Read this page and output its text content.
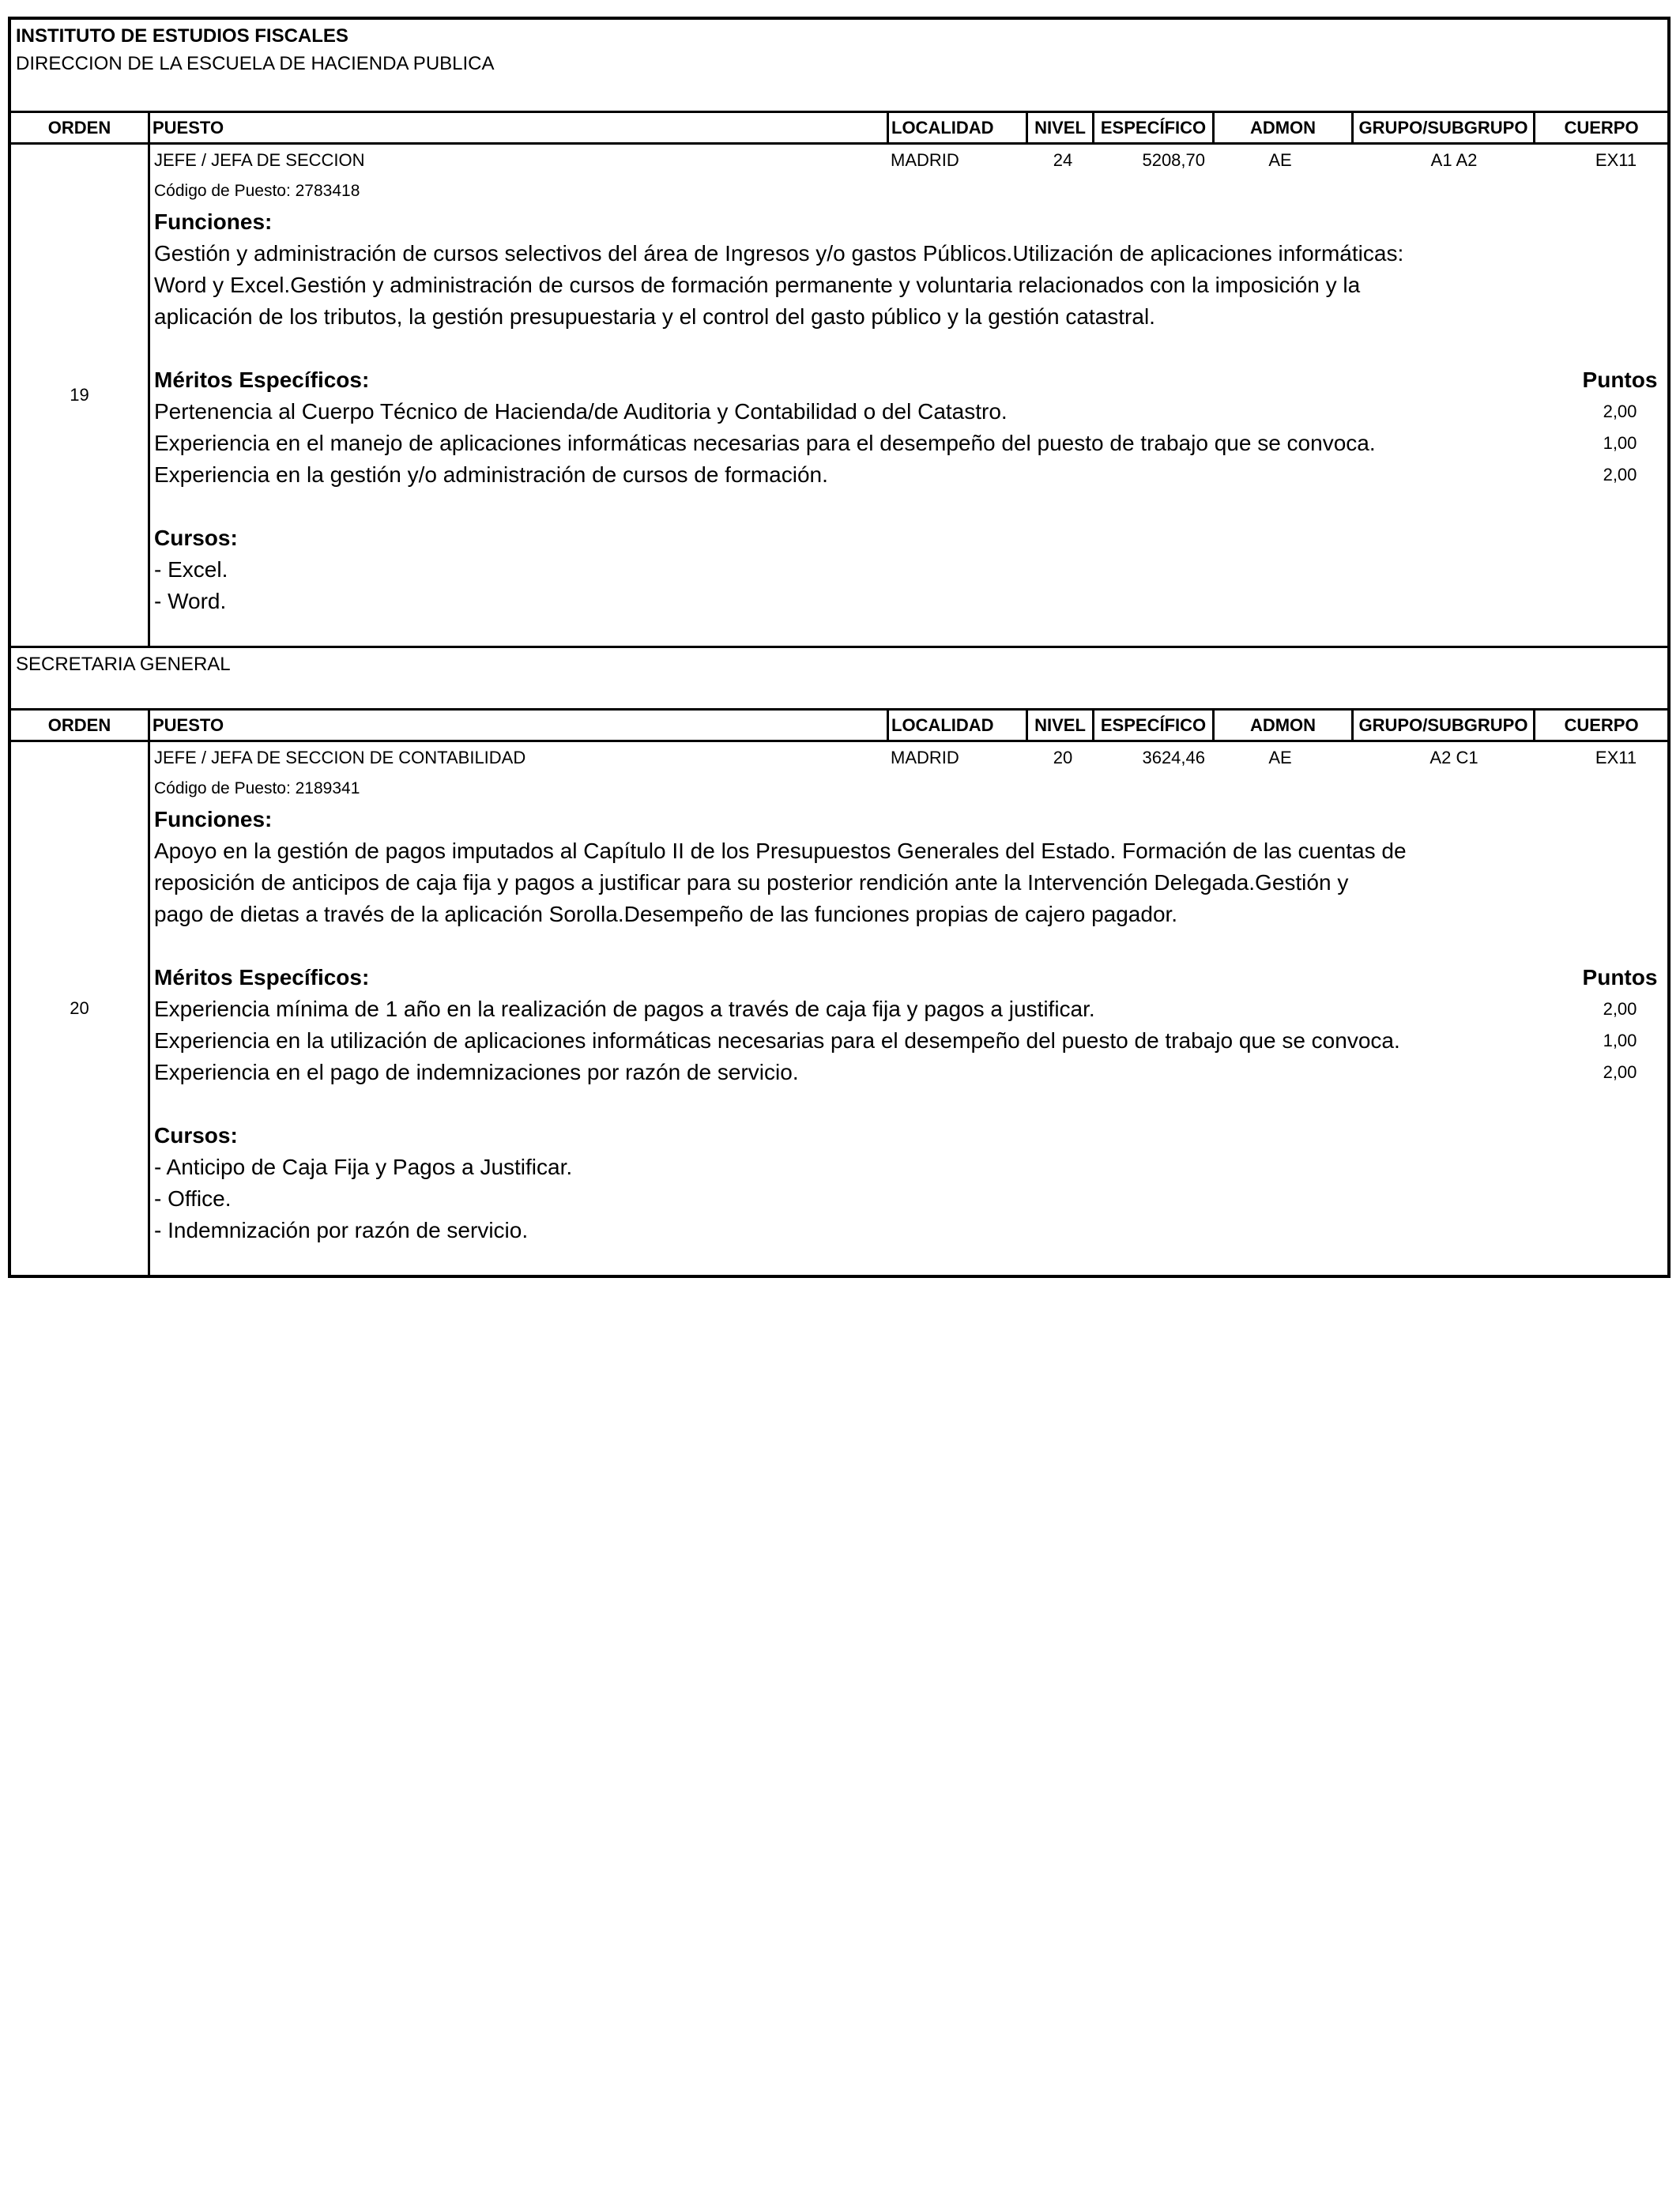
INSTITUTO DE ESTUDIOS FISCALES
DIRECCION DE LA ESCUELA DE HACIENDA PUBLICA
ORDEN	PUESTO	LOCALIDAD	NIVEL ESPECÍFICO	ADMON	GRUPO/SUBGRUPO	CUERPO
19
JEFE / JEFA DE SECCION	MADRID	24	5208,70	AE	A1 A2	EX11
Código de Puesto: 2783418
Funciones:
Gestión y administración de cursos selectivos del área de Ingresos y/o gastos Públicos.Utilización de aplicaciones informáticas:
Word y Excel.Gestión y administración de cursos de formación permanente y voluntaria relacionados con la imposición y la
aplicación de los tributos, la gestión presupuestaria y el control del gasto público y la gestión catastral.
Méritos Específicos:	Puntos
Pertenencia al Cuerpo Técnico de Hacienda/de Auditoria y Contabilidad o del Catastro.	2,00
Experiencia en el manejo de aplicaciones informáticas necesarias para el desempeño del puesto de trabajo que se convoca.	1,00
Experiencia en la gestión y/o administración de cursos de formación.	2,00
Cursos:
- Excel.
- Word.
SECRETARIA GENERAL
ORDEN	PUESTO	LOCALIDAD	NIVEL ESPECÍFICO	ADMON	GRUPO/SUBGRUPO	CUERPO
20
JEFE / JEFA DE SECCION DE CONTABILIDAD	MADRID	20	3624,46	AE	A2 C1	EX11
Código de Puesto: 2189341
Funciones:
Apoyo en la gestión de pagos imputados al Capítulo II de los Presupuestos Generales del Estado. Formación de las cuentas de
reposición de anticipos de caja fija y pagos a justificar para su posterior rendición ante la Intervención Delegada.Gestión y
pago de dietas a través de la aplicación Sorolla.Desempeño de las funciones propias de cajero pagador.
Méritos Específicos:	Puntos
Experiencia mínima de 1 año en la realización de pagos a través de caja fija y pagos a justificar.	2,00
Experiencia en la utilización de aplicaciones informáticas necesarias para el desempeño del puesto de trabajo que se convoca.	1,00
Experiencia en el pago de indemnizaciones por razón de servicio.	2,00
Cursos:
- Anticipo de Caja Fija y Pagos a Justificar.
- Office.
- Indemnización por razón de servicio.
